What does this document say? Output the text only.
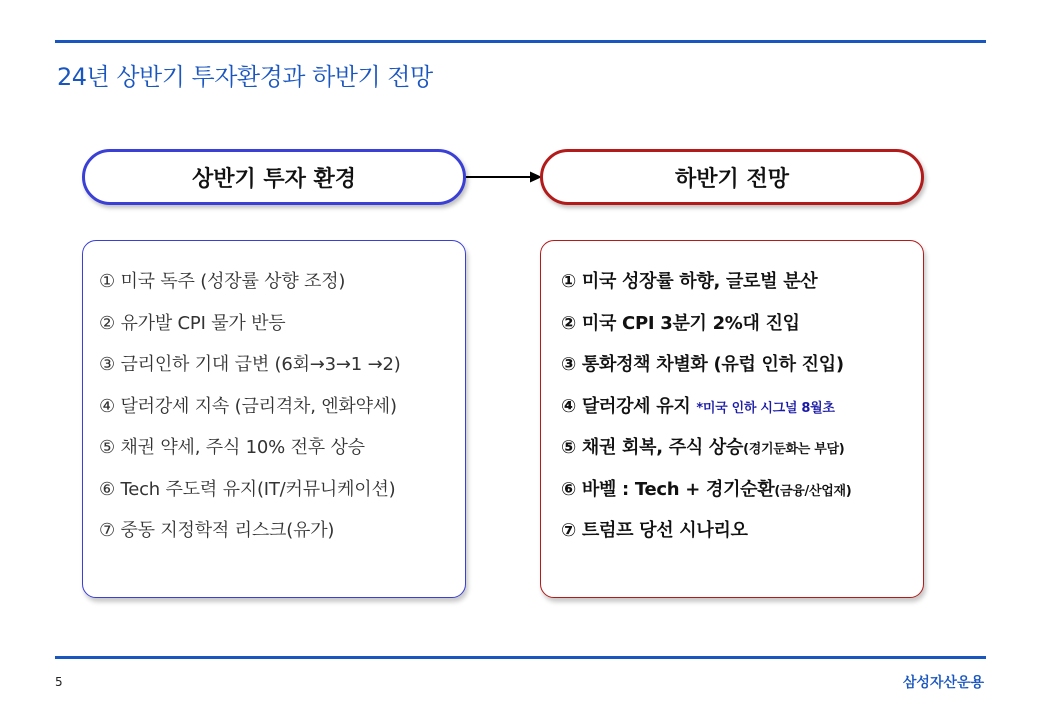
24년 상반기 투자환경과 하반기 전망
상반기 투자 환경	하반기 전망
① 미국 독주 (성장률 상향 조정)
② 유가발 CPI 물가 반등
③ 금리인하 기대 급변 (6회→3→1 →2)
④ 달러강세 지속 (금리격차, 엔화약세)
⑤ 채권 약세, 주식 10% 전후 상승
⑥ Tech 주도력 유지(IT/커뮤니케이션)
⑦ 중동 지정학적 리스크(유가)
① 미국 성장률 하향, 글로벌 분산
② 미국 CPI 3분기 2%대 진입
③ 통화정책 차별화 (유럽 인하 진입)
④ 달러강세 유지 *미국 인하 시그널 8월초
⑤ 채권 회복, 주식 상승(경기둔화는 부담)
⑥ 바벨 : Tech + 경기순환(금융/산업재)
⑦ 트럼프 당선 시나리오
5	삼성자산운용
